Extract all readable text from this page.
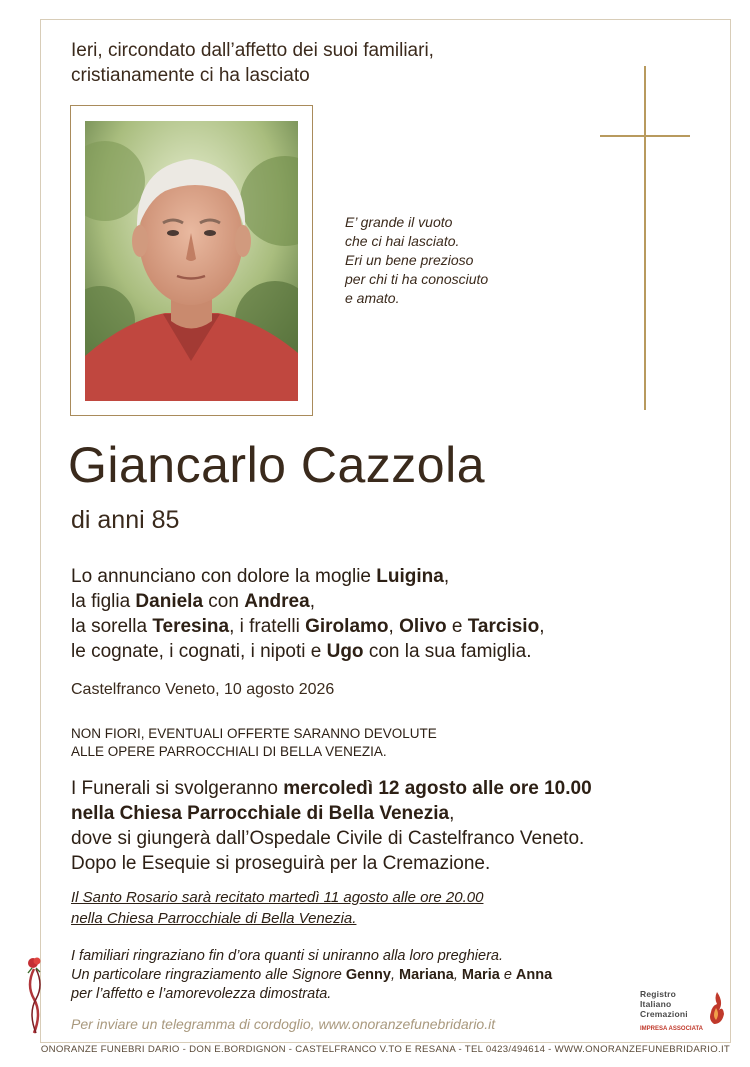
Ieri, circondato dall’affetto dei suoi familiari,
cristianamente ci ha lasciato
E’ grande il vuoto
che ci hai lasciato.
Eri un bene prezioso
per chi ti ha conosciuto
e amato.
Giancarlo Cazzola
di anni 85
Lo annunciano con dolore la moglie Luigina,
la figlia Daniela con Andrea,
la sorella Teresina, i fratelli Girolamo, Olivo e Tarcisio,
le cognate, i cognati, i nipoti e Ugo con la sua famiglia.
Castelfranco Veneto, 10 agosto 2026
NON FIORI, EVENTUALI OFFERTE SARANNO DEVOLUTE
ALLE OPERE PARROCCHIALI DI BELLA VENEZIA.
I Funerali si svolgeranno mercoledì 12 agosto alle ore 10.00
nella Chiesa Parrocchiale di Bella Venezia,
dove si giungerà dall’Ospedale Civile di Castelfranco Veneto.
Dopo le Esequie si proseguirà per la Cremazione.
Il Santo Rosario sarà recitato martedì 11 agosto alle ore 20.00
nella Chiesa Parrocchiale di Bella Venezia.
I familiari ringraziano fin d’ora quanti si uniranno alla loro preghiera.
Un particolare ringraziamento alle Signore Genny, Mariana, Maria e Anna
per l’affetto e l’amorevolezza dimostrata.
Per inviare un telegramma di cordoglio, www.onoranzefunebridario.it
Registro
Italiano
Cremazioni
IMPRESA ASSOCIATA
ONORANZE FUNEBRI DARIO - DON E.BORDIGNON - CASTELFRANCO V.TO E RESANA - TEL 0423/494614 - WWW.ONORANZEFUNEBRIDARIO.IT
